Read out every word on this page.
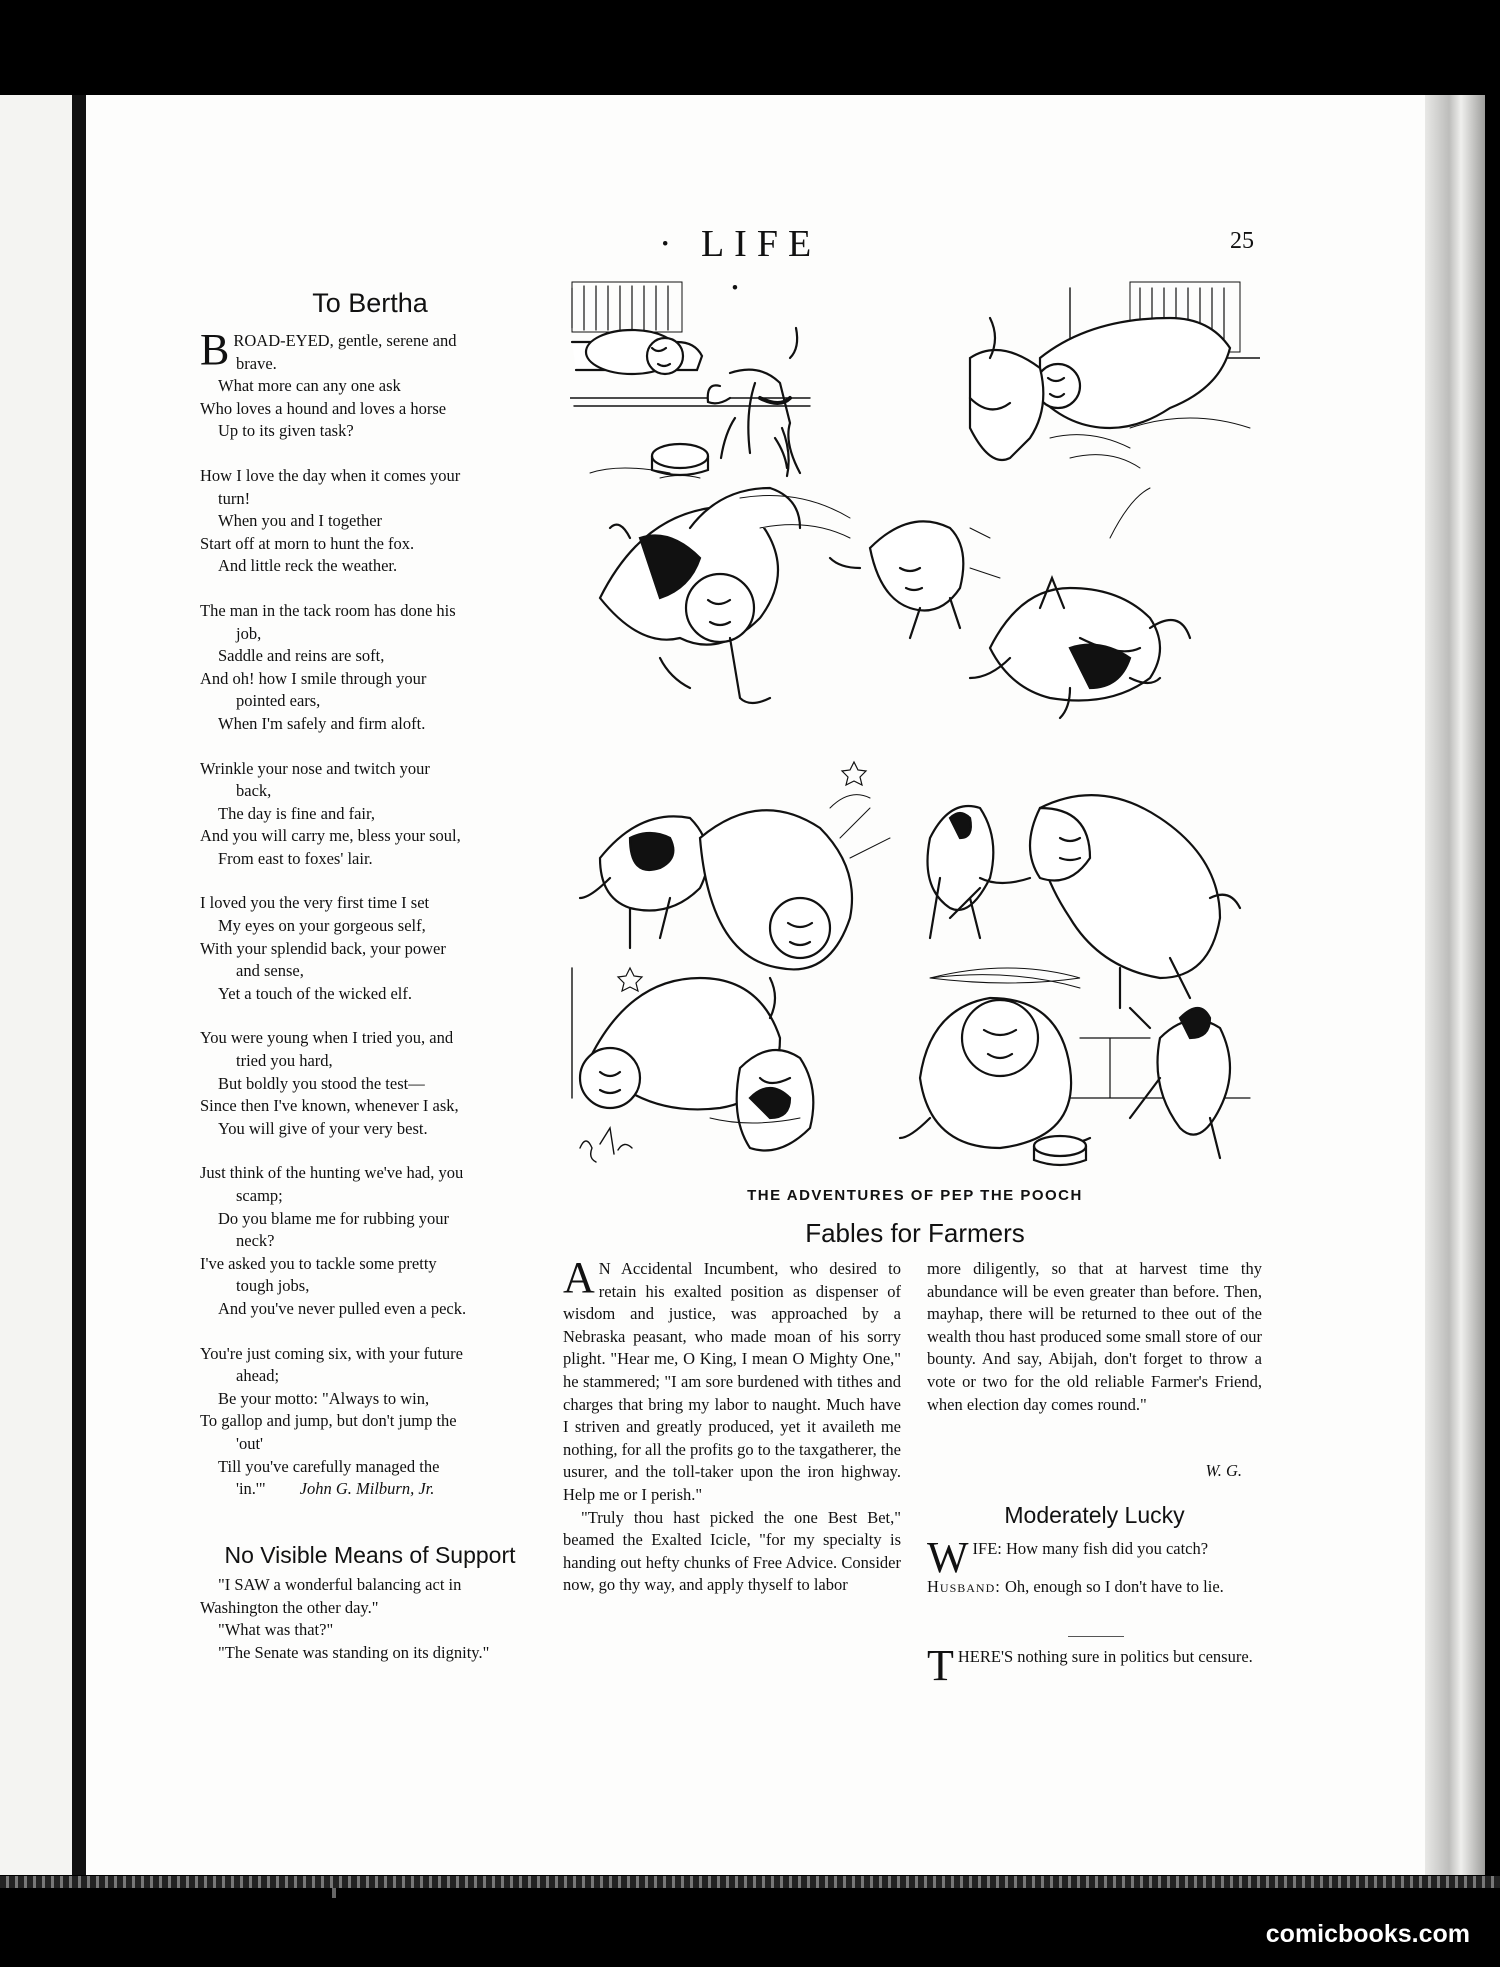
· LIFE ·
25
To Bertha

BROAD-EYED, gentle, serene and
brave.
What more can any one ask
Who loves a hound and loves a horse
Up to its given task?

How I love the day when it comes your
turn!
When you and I together
Start off at morn to hunt the fox.
And little reck the weather.

The man in the tack room has done his
job,
Saddle and reins are soft,
And oh! how I smile through your
pointed ears,
When I'm safely and firm aloft.

Wrinkle your nose and twitch your
back,
The day is fine and fair,
And you will carry me, bless your soul,
From east to foxes' lair.

I loved you the very first time I set
My eyes on your gorgeous self,
With your splendid back, your power
and sense,
Yet a touch of the wicked elf.

You were young when I tried you, and
tried you hard,
But boldly you stood the test—
Since then I've known, whenever I ask,
You will give of your very best.

Just think of the hunting we've had, you
scamp;
Do you blame me for rubbing your
neck?
I've asked you to tackle some pretty
tough jobs,
And you've never pulled even a peck.

You're just coming six, with your future
ahead;
Be your motto: "Always to win,
To gallop and jump, but don't jump the
'out'
Till you've carefully managed the
'in.'" John G. Milburn, Jr.

No Visible Means of Support

"I SAW a wonderful balancing act in Washington the other day."

"What was that?"

"The Senate was standing on its dignity."

THE ADVENTURES OF PEP THE POOCH
Fables for Farmers

A N Accidental Incumbent, who desired to retain his exalted position as dispenser of wisdom and justice, was approached by a Nebraska peasant, who made moan of his sorry plight. "Hear me, O King, I mean O Mighty One," he stammered; "I am sore burdened with tithes and charges that bring my labor to naught. Much have I striven and greatly produced, yet it availeth me nothing, for all the profits go to the taxgatherer, the usurer, and the toll-taker upon the iron highway. Help me or I perish."

"Truly thou hast picked the one Best Bet," beamed the Exalted Icicle, "for my specialty is handing out hefty chunks of Free Advice. Consider now, go thy way, and apply thyself to labor

more diligently, so that at harvest time thy abundance will be even greater than before. Then, mayhap, there will be returned to thee out of the wealth thou hast produced some small store of our bounty. And say, Abijah, don't forget to throw a vote or two for the old reliable Farmer's Friend, when election day comes round."

W. G.
Moderately Lucky

WIFE: How many fish did you catch?

Husband: Oh, enough so I don't have to lie.

THERE'S nothing sure in politics but censure.
comicbooks.com
